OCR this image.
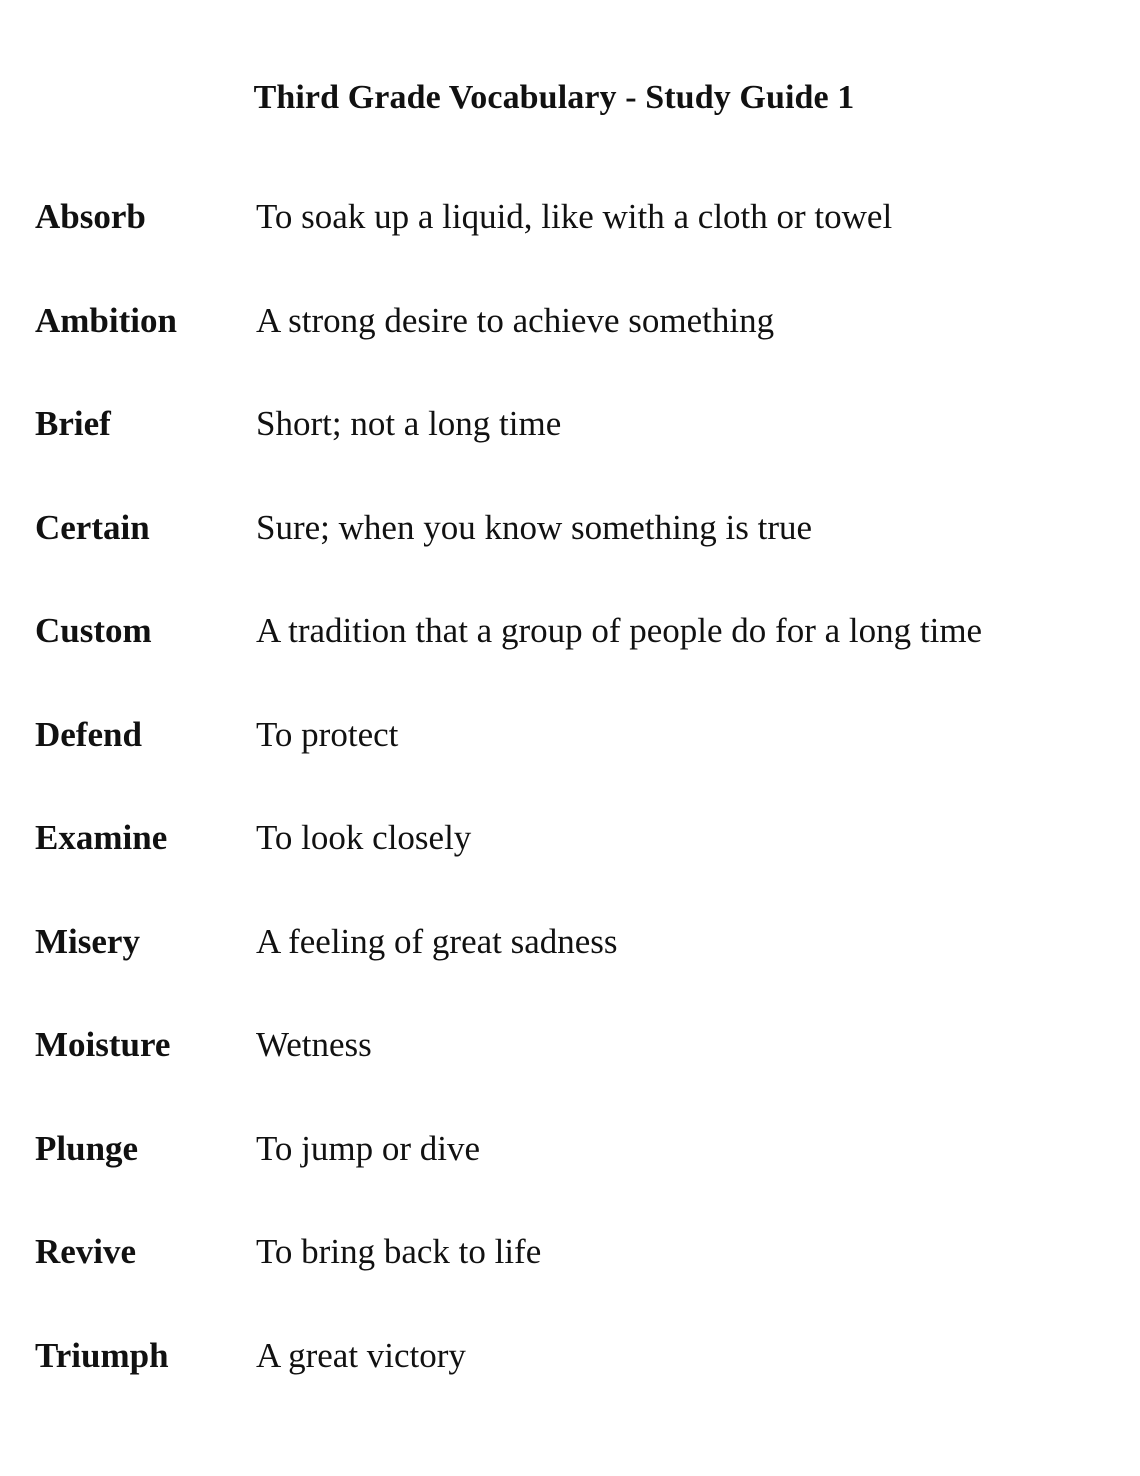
Third Grade Vocabulary - Study Guide 1
Absorb	To soak up a liquid, like with a cloth or towel
Ambition A strong desire to achieve something
Brief	Short; not a long time
Certain	Sure; when you know something is true
Custom	A tradition that a group of people do for a long time
Defend	To protect
Examine	To look closely
Misery	A feeling of great sadness
Moisture Wetness
Plunge	To jump or dive
Revive	To bring back to life
Triumph A great victory
